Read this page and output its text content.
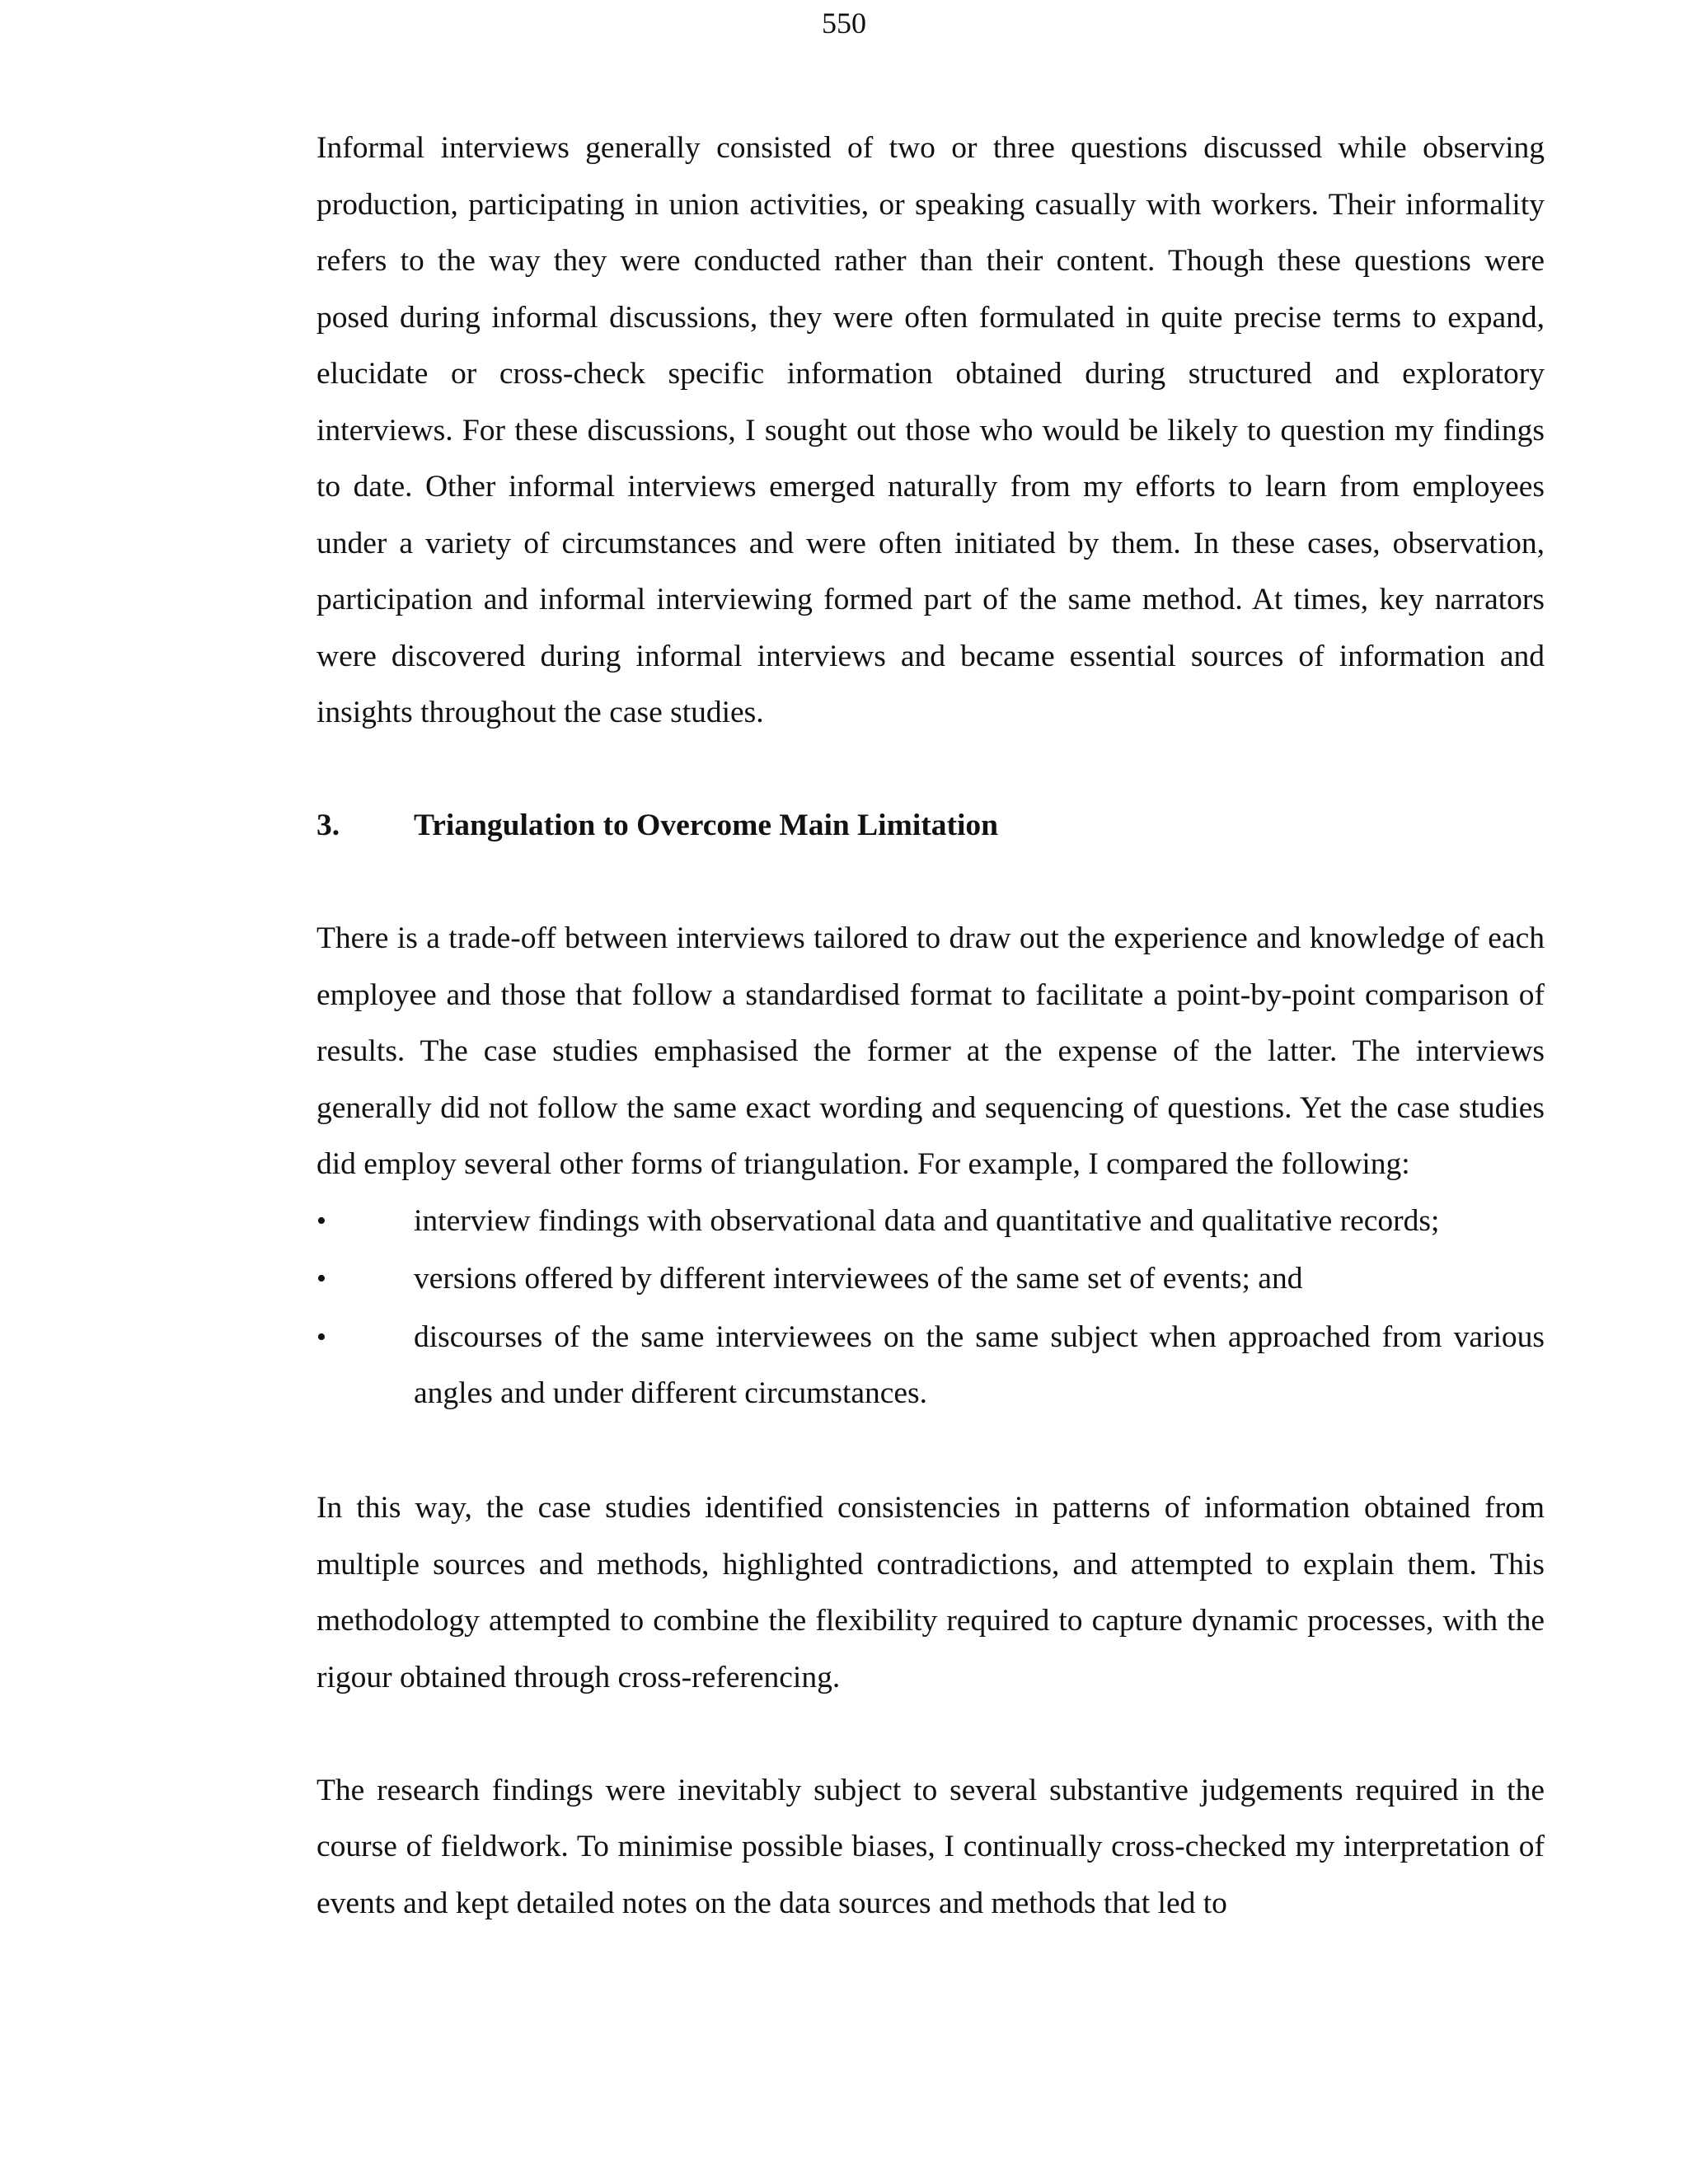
550

Informal interviews generally consisted of two or three questions discussed while observing production, participating in union activities, or speaking casually with workers. Their informality refers to the way they were conducted rather than their content. Though these questions were posed during informal discussions, they were often formulated in quite precise terms to expand, elucidate or cross-check specific information obtained during structured and exploratory interviews. For these discussions, I sought out those who would be likely to question my findings to date. Other informal interviews emerged naturally from my efforts to learn from employees under a variety of circumstances and were often initiated by them. In these cases, observation, participation and informal interviewing formed part of the same method. At times, key narrators were discovered during informal interviews and became essential sources of information and insights throughout the case studies.

3.	Triangulation to Overcome Main Limitation

There is a trade-off between interviews tailored to draw out the experience and knowledge of each employee and those that follow a standardised format to facilitate a point-by-point comparison of results. The case studies emphasised the former at the expense of the latter. The interviews generally did not follow the same exact wording and sequencing of questions. Yet the case studies did employ several other forms of triangulation. For example, I compared the following:

•	interview findings with observational data and quantitative and qualitative records;
•	versions offered by different interviewees of the same set of events; and
•	discourses of the same interviewees on the same subject when approached from various angles and under different circumstances.

In this way, the case studies identified consistencies in patterns of information obtained from multiple sources and methods, highlighted contradictions, and attempted to explain them. This methodology attempted to combine the flexibility required to capture dynamic processes, with the rigour obtained through cross-referencing.

The research findings were inevitably subject to several substantive judgements required in the course of fieldwork. To minimise possible biases, I continually cross-checked my interpretation of events and kept detailed notes on the data sources and methods that led to
